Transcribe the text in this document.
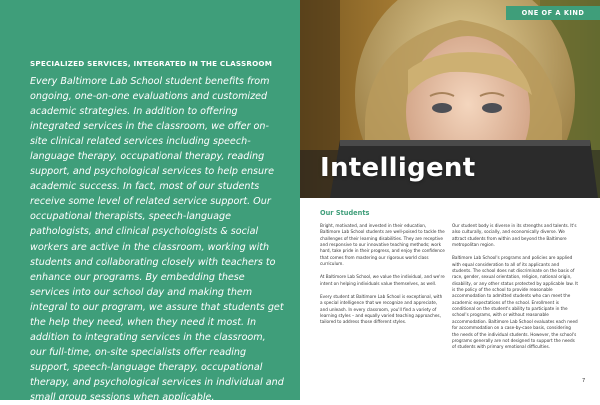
SPECIALIZED SERVICES, INTEGRATED IN THE CLASSROOM

Every Baltimore Lab School student benefits from ongoing, one-on-one evaluations and customized academic strategies. In addition to offering integrated services in the classroom, we offer on-site clinical related services including speech-language therapy, occupational therapy, reading support, and psychological services to help ensure academic success. In fact, most of our students receive some level of related service support. Our occupational therapists, speech-language pathologists, and clinical psychologists & social workers are active in the classroom, working with students and collaborating closely with teachers to enhance our programs. By embedding these services into our school day and making them integral to our program, we assure that students get the help they need, when they need it most. In addition to integrating services in the classroom, our full-time, on-site specialists offer reading support, speech-language therapy, occupational therapy, and psychological services in individual and small group sessions when applicable.

ONE OF A KIND
Intelligent
Our Students

Bright, motivated, and invested in their education, Baltimore Lab School students are well-poised to tackle the challenges of their learning disabilities. They are receptive and responsive to our innovative teaching methods; work hard, take pride in their progress, and enjoy the confidence that comes from mastering our rigorous world class curriculum.

At Baltimore Lab School, we value the individual, and we're intent on helping individuals value themselves, as well.

Every student at Baltimore Lab School is exceptional, with a special intelligence that we recognize and appreciate, and unleash. In every classroom, you'll find a variety of learning styles – and equally varied teaching approaches, tailored to address those different styles.

Our student body is diverse in its strengths and talents. It's also culturally, socially, and economically diverse. We attract students from within and beyond the Baltimore metropolitan region.

Baltimore Lab School's programs and policies are applied with equal consideration to all of its applicants and students. The school does not discriminate on the basis of race, gender, sexual orientation, religion, national origin, disability, or any other status protected by applicable law. It is the policy of the school to provide reasonable accommodation to admitted students who can meet the academic expectations of the school. Enrollment is conditional on the student's ability to participate in the school's programs, with or without reasonable accommodation. Baltimore Lab School evaluates each need for accommodation on a case-by-case basis, considering the needs of the individual students. However, the school's programs generally are not designed to support the needs of students with primary emotional difficulties.

7
